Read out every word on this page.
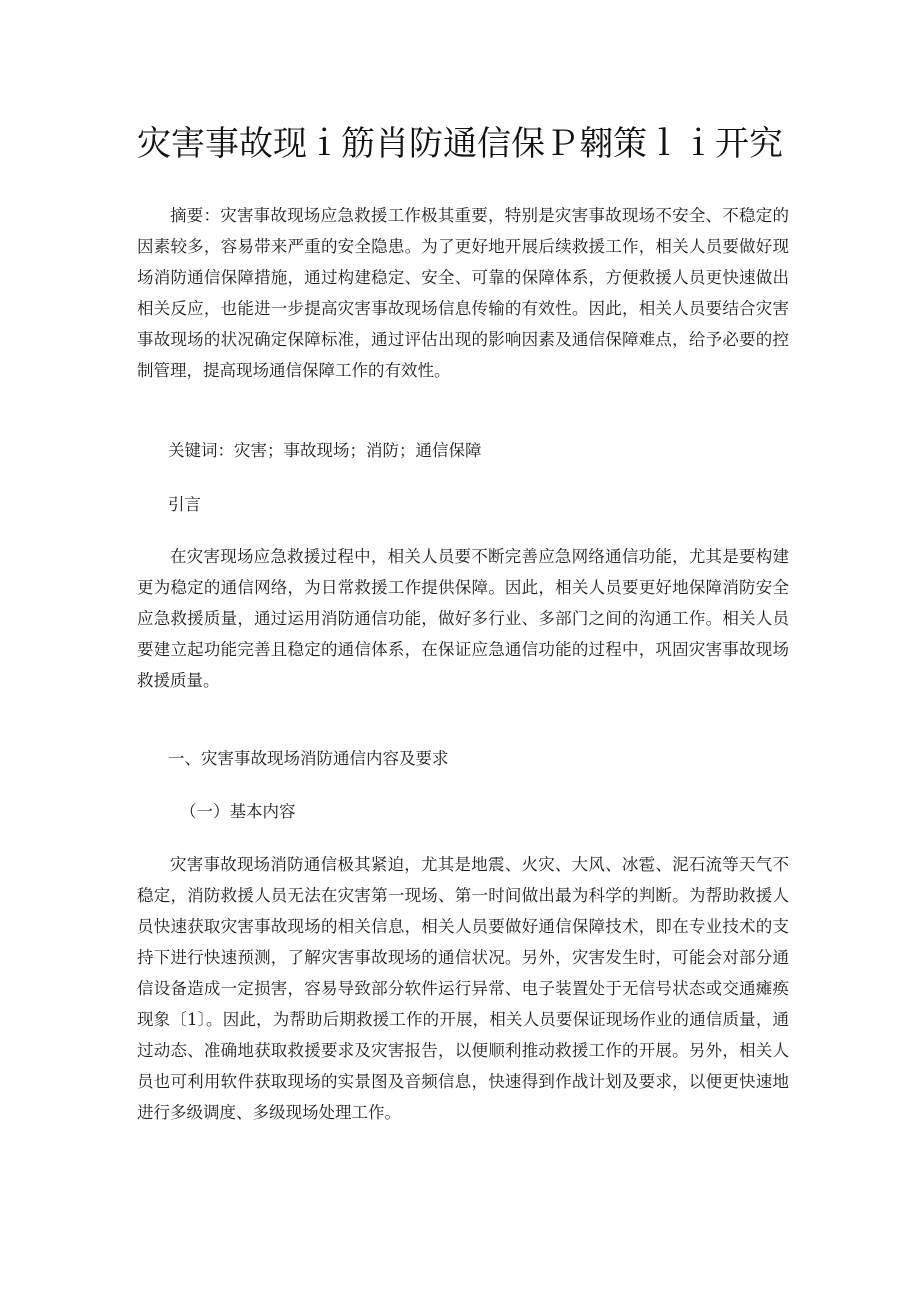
灾害事故现ｉ筋肖防通信保Ｐ翱策ｌｉ开究

摘要：灾害事故现场应急救援工作极其重要，特别是灾害事故现场不安全、不稳定的因素较多，容易带来严重的安全隐患。为了更好地开展后续救援工作，相关人员要做好现场消防通信保障措施，通过构建稳定、安全、可靠的保障体系，方便救援人员更快速做出相关反应，也能进一步提高灾害事故现场信息传输的有效性。因此，相关人员要结合灾害事故现场的状况确定保障标准，通过评估出现的影响因素及通信保障难点，给予必要的控制管理，提高现场通信保障工作的有效性。

关键词：灾害；事故现场；消防；通信保障

引言

在灾害现场应急救援过程中，相关人员要不断完善应急网络通信功能，尤其是要构建更为稳定的通信网络，为日常救援工作提供保障。因此，相关人员要更好地保障消防安全应急救援质量，通过运用消防通信功能，做好多行业、多部门之间的沟通工作。相关人员要建立起功能完善且稳定的通信体系，在保证应急通信功能的过程中，巩固灾害事故现场救援质量。

一、灾害事故现场消防通信内容及要求

（一）基本内容

灾害事故现场消防通信极其紧迫，尤其是地震、火灾、大风、冰雹、泥石流等天气不稳定，消防救援人员无法在灾害第一现场、第一时间做出最为科学的判断。为帮助救援人员快速获取灾害事故现场的相关信息，相关人员要做好通信保障技术，即在专业技术的支持下进行快速预测，了解灾害事故现场的通信状况。另外，灾害发生时，可能会对部分通信设备造成一定损害，容易导致部分软件运行异常、电子装置处于无信号状态或交通瘫痪现象〔1〕。因此，为帮助后期救援工作的开展，相关人员要保证现场作业的通信质量，通过动态、准确地获取救援要求及灾害报告，以便顺利推动救援工作的开展。另外，相关人员也可利用软件获取现场的实景图及音频信息，快速得到作战计划及要求，以便更快速地进行多级调度、多级现场处理工作。
